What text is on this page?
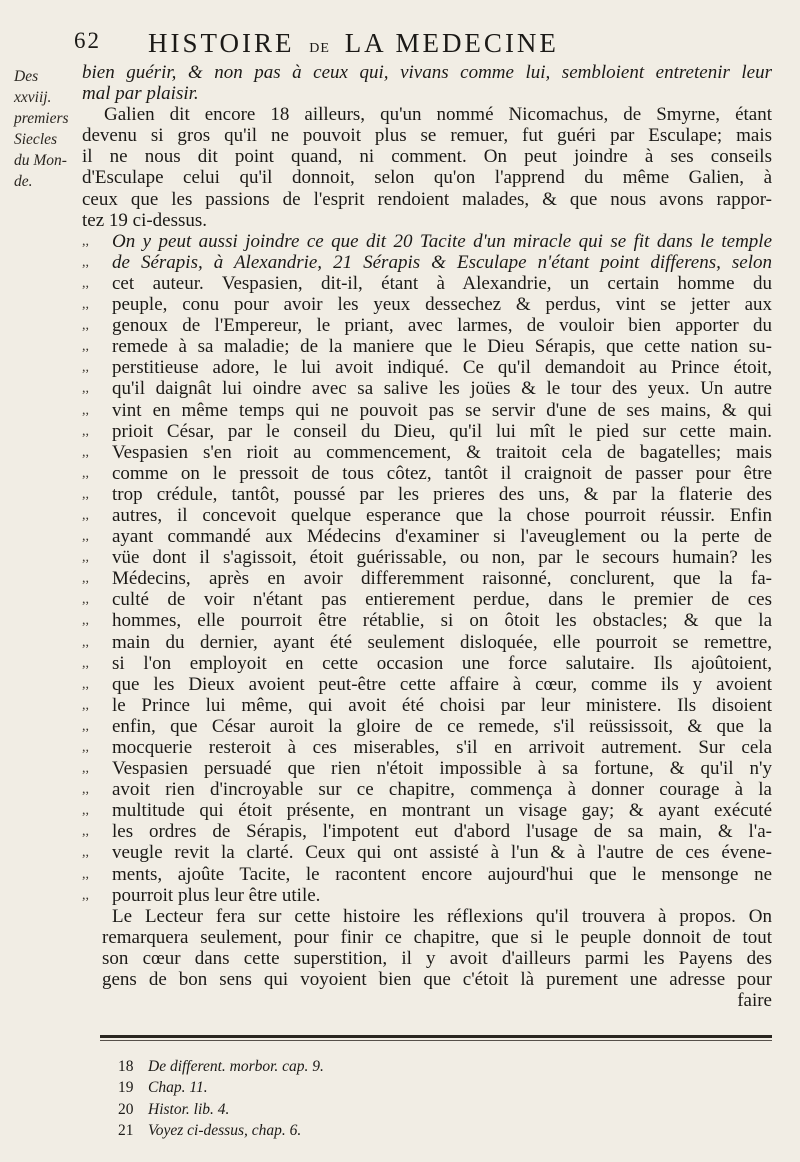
62 HISTOIRE DE LA MEDECINE
Des
xxviij.
premiers
Siecles
du Mon-
de.
bien guérir, & non pas à ceux qui, vivans comme lui, sembloient entretenir leur
mal par plaisir.
Galien dit encore 18 ailleurs, qu'un nommé Nicomachus, de Smyrne, étant
devenu si gros qu'il ne pouvoit plus se remuer, fut guéri par Esculape; mais
il ne nous dit point quand, ni comment. On peut joindre à ses conseils
d'Esculape celui qu'il donnoit, selon qu'on l'apprend du même Galien, à
ceux que les passions de l'esprit rendoient malades, & que nous avons rappor-
tez 19 ci-dessus.
,, On y peut aussi joindre ce que dit 20 Tacite d'un miracle qui se fit dans le temple
,, de Sérapis, à Alexandrie, 21 Sérapis & Esculape n'étant point differens, selon
,, cet auteur. Vespasien, dit-il, étant à Alexandrie, un certain homme du
,, peuple, conu pour avoir les yeux dessechez & perdus, vint se jetter aux
,, genoux de l'Empereur, le priant, avec larmes, de vouloir bien apporter du
,, remede à sa maladie; de la maniere que le Dieu Sérapis, que cette nation su-
,, perstitieuse adore, le lui avoit indiqué. Ce qu'il demandoit au Prince étoit,
,, qu'il daignât lui oindre avec sa salive les joües & le tour des yeux. Un autre
,, vint en même temps qui ne pouvoit pas se servir d'une de ses mains, & qui
,, prioit César, par le conseil du Dieu, qu'il lui mît le pied sur cette main.
,, Vespasien s'en rioit au commencement, & traitoit cela de bagatelles; mais
,, comme on le pressoit de tous côtez, tantôt il craignoit de passer pour être
,, trop crédule, tantôt, poussé par les prieres des uns, & par la flaterie des
,, autres, il concevoit quelque esperance que la chose pourroit réussir. Enfin
,, ayant commandé aux Médecins d'examiner si l'aveuglement ou la perte de
,, vüe dont il s'agissoit, étoit guérissable, ou non, par le secours humain? les
,, Médecins, après en avoir differemment raisonné, conclurent, que la fa-
,, culté de voir n'étant pas entierement perdue, dans le premier de ces
,, hommes, elle pourroit être rétablie, si on ôtoit les obstacles; & que la
,, main du dernier, ayant été seulement disloquée, elle pourroit se remettre,
,, si l'on employoit en cette occasion une force salutaire. Ils ajoûtoient,
,, que les Dieux avoient peut-être cette affaire à cœur, comme ils y avoient
,, le Prince lui même, qui avoit été choisi par leur ministere. Ils disoient
,, enfin, que César auroit la gloire de ce remede, s'il reüssissoit, & que la
,, mocquerie resteroit à ces miserables, s'il en arrivoit autrement. Sur cela
,, Vespasien persuadé que rien n'étoit impossible à sa fortune, & qu'il n'y
,, avoit rien d'incroyable sur ce chapitre, commença à donner courage à la
,, multitude qui étoit présente, en montrant un visage gay; & ayant exécuté
,, les ordres de Sérapis, l'impotent eut d'abord l'usage de sa main, & l'a-
,, veugle revit la clarté. Ceux qui ont assisté à l'un & à l'autre de ces évene-
,, ments, ajoûte Tacite, le racontent encore aujourd'hui que le mensonge ne
,, pourroit plus leur être utile.
Le Lecteur fera sur cette histoire les réflexions qu'il trouvera à propos. On
remarquera seulement, pour finir ce chapitre, que si le peuple donnoit de tout
son cœur dans cette superstition, il y avoit d'ailleurs parmi les Payens des
gens de bon sens qui voyoient bien que c'étoit là purement une adresse pour
faire
18 De different. morbor. cap. 9.
19 Chap. 11.
20 Histor. lib. 4.
21 Voyez ci-dessus, chap. 6.
